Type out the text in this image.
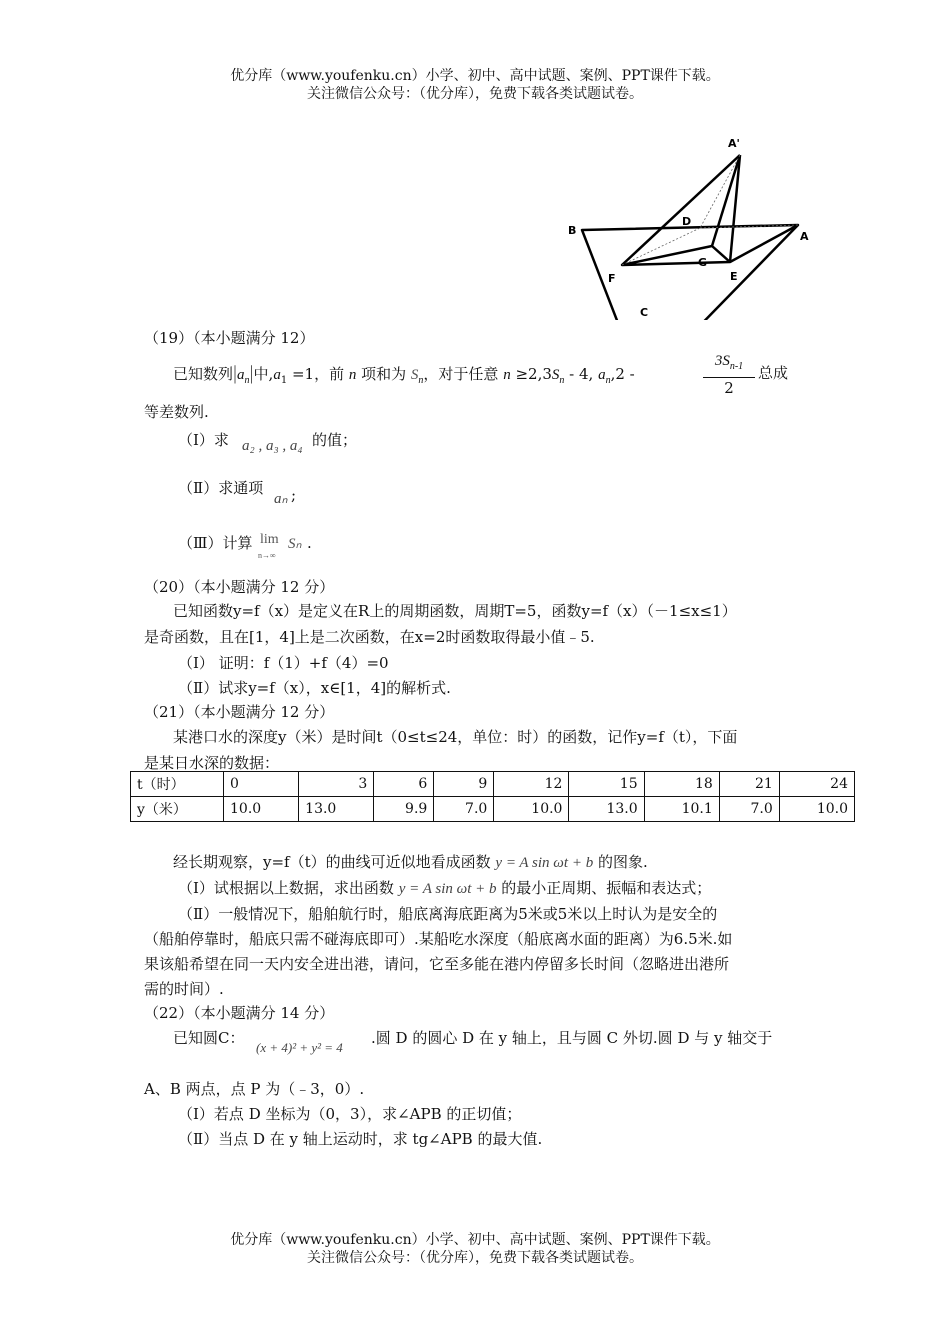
优分库（www.youfenku.cn）小学、初中、高中试题、案例、PPT课件下载。
关注微信公众号：（优分库），免费下载各类试题试卷。
A'
B
D
A
F
G
E
C
（19）（本小题满分 12）
已知数列$|a_n|$中$,a_1 =1$，前 n 项和为 $S_n$，对于任意 $n \ge 2,3S_n - 4$, $a_n,2$ -
$3S_{n-1}$
2
总成
等差数列.
（Ⅰ）求 a₂ , a₃ , a₄ 的值；
（Ⅱ）求通项
aₙ ;
（Ⅲ）计算 lim
n→∞
Sₙ .
（20）（本小题满分 12 分）
已知函数y=f（x）是定义在R上的周期函数，周期T=5，函数y=f（x）（－1≤x≤1）
是奇函数，且在[1，4]上是二次函数，在x=2时函数取得最小值﹣5.
（Ⅰ） 证明：f（1）+f（4）=0
（Ⅱ）试求y=f（x），x∈[1，4]的解析式.
（21）（本小题满分 12 分）
某港口水的深度y（米）是时间t（0≤t≤24，单位：时）的函数，记作y=f（t），下面
是某日水深的数据：
t（时）	0	3	6	9	12	15	18	21	24
y（米）	10.0	13.0	9.9	7.0	10.0	13.0	10.1	7.0	10.0
经长期观察，y=f（t）的曲线可近似地看成函数 y = A sin ωt + b 的图象.
（Ⅰ）试根据以上数据，求出函数 y = A sin ωt + b 的最小正周期、振幅和表达式；
（Ⅱ）一般情况下，船舶航行时，船底离海底距离为5米或5米以上时认为是安全的
（船舶停靠时，船底只需不碰海底即可）.某船吃水深度（船底离水面的距离）为6.5米.如
果该船希望在同一天内安全进出港，请问，它至多能在港内停留多长时间（忽略进出港所
需的时间）.
（22）（本小题满分 14 分）
已知圆C：
(x + 4)² + y² = 4
.圆 D 的圆心 D 在 y 轴上，且与圆 C 外切.圆 D 与 y 轴交于
A、B 两点，点 P 为（﹣3，0）.
（Ⅰ）若点 D 坐标为（0，3），求∠APB 的正切值；
（Ⅱ）当点 D 在 y 轴上运动时，求 tg∠APB 的最大值.
优分库（www.youfenku.cn）小学、初中、高中试题、案例、PPT课件下载。
关注微信公众号：（优分库），免费下载各类试题试卷。
